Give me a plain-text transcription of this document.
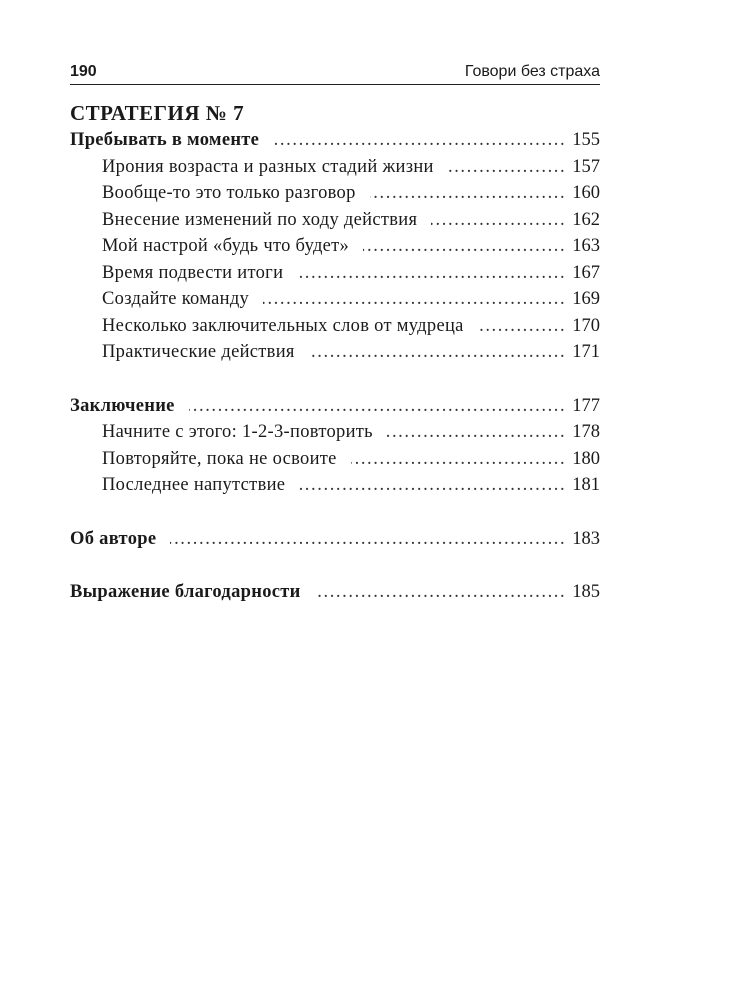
190	Говори без страха
СТРАТЕГИЯ № 7
Пребывать в моменте .....	155
Ирония возраста и разных стадий жизни .....	157
Вообще-то это только разговор .....	160
Внесение изменений по ходу действия .....	162
Мой настрой «будь что будет» .....	163
Время подвести итоги .....	167
Создайте команду .....	169
Несколько заключительных слов от мудреца .....	170
Практические действия .....	171
Заключение .....	177
Начните с этого: 1-2-3-повторить .....	178
Повторяйте, пока не освоите .....	180
Последнее напутствие .....	181
Об авторе .....	183
Выражение благодарности .....	185
